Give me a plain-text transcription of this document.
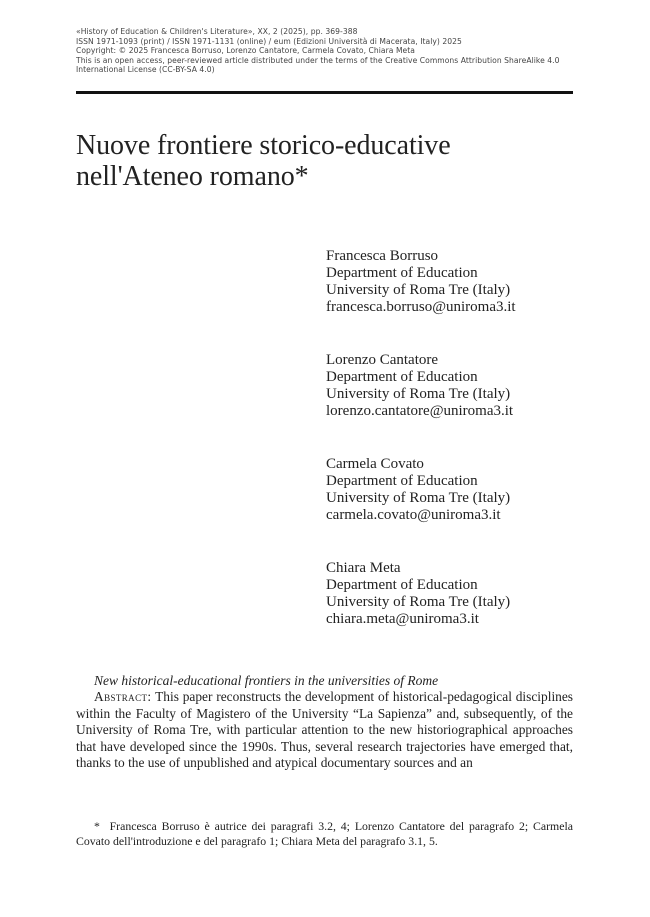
«History of Education & Children's Literature», XX, 2 (2025), pp. 369-388
ISSN 1971-1093 (print) / ISSN 1971-1131 (online) / eum (Edizioni Università di Macerata, Italy) 2025
Copyright: © 2025 Francesca Borruso, Lorenzo Cantatore, Carmela Covato, Chiara Meta
This is an open access, peer-reviewed article distributed under the terms of the Creative Commons Attribution ShareAlike 4.0
International License (CC-BY-SA 4.0)
Nuove frontiere storico-educative nell'Ateneo romano*
Francesca Borruso
Department of Education
University of Roma Tre (Italy)
francesca.borruso@uniroma3.it
Lorenzo Cantatore
Department of Education
University of Roma Tre (Italy)
lorenzo.cantatore@uniroma3.it
Carmela Covato
Department of Education
University of Roma Tre (Italy)
carmela.covato@uniroma3.it
Chiara Meta
Department of Education
University of Roma Tre (Italy)
chiara.meta@uniroma3.it

New historical-educational frontiers in the universities of Rome

Abstract: This paper reconstructs the development of historical-pedagogical disciplines within the Faculty of Magistero of the University “La Sapienza” and, subsequently, of the University of Roma Tre, with particular attention to the new historiographical approaches that have developed since the 1990s. Thus, several research trajectories have emerged that, thanks to the use of unpublished and atypical documentary sources and an

* Francesca Borruso è autrice dei paragrafi 3.2, 4; Lorenzo Cantatore del paragrafo 2; Carmela Covato dell'introduzione e del paragrafo 1; Chiara Meta del paragrafo 3.1, 5.
